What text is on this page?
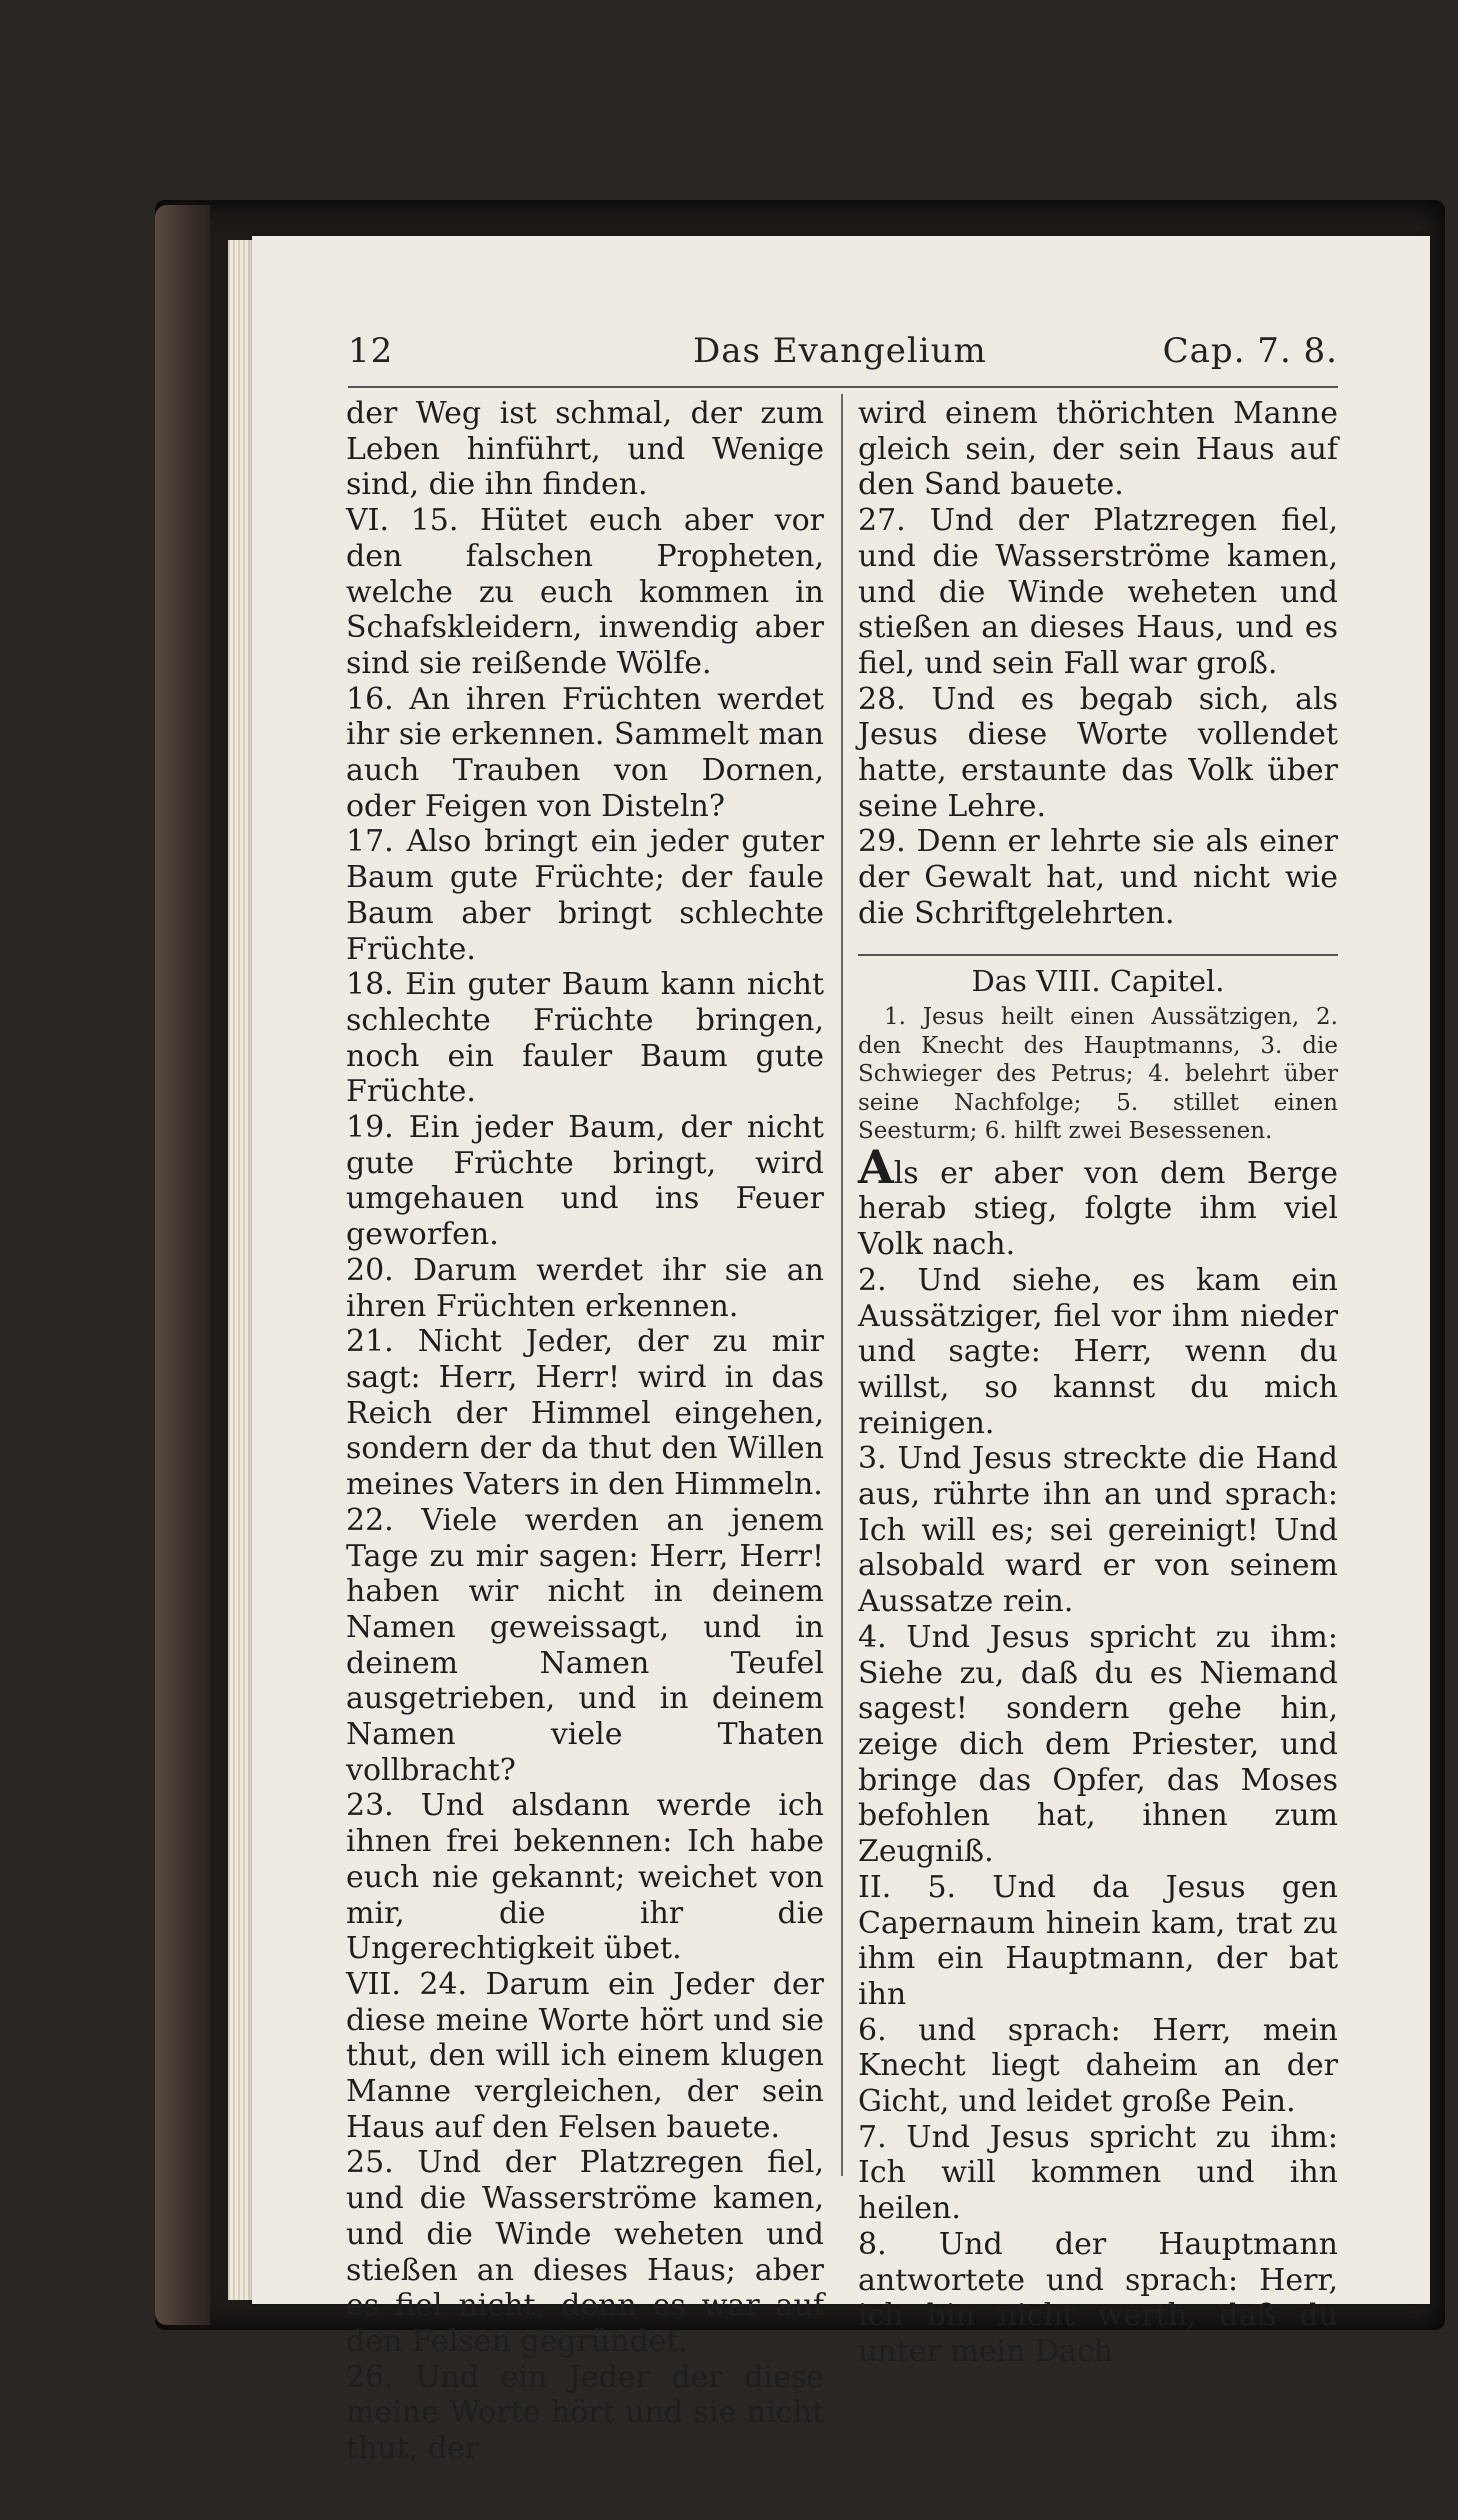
12	Das Evangelium	Cap. 7. 8.

der Weg ist schmal, der zum Leben hinführt, und Wenige sind, die ihn finden.

VI. 15. Hütet euch aber vor den falschen Propheten, welche zu euch kommen in Schafskleidern, inwendig aber sind sie reißende Wölfe.

16. An ihren Früchten werdet ihr sie erkennen. Sammelt man auch Trauben von Dornen, oder Feigen von Disteln?

17. Also bringt ein jeder guter Baum gute Früchte; der faule Baum aber bringt schlechte Früchte.

18. Ein guter Baum kann nicht schlechte Früchte bringen, noch ein fauler Baum gute Früchte.

19. Ein jeder Baum, der nicht gute Früchte bringt, wird umgehauen und ins Feuer geworfen.

20. Darum werdet ihr sie an ihren Früchten erkennen.

21. Nicht Jeder, der zu mir sagt: Herr, Herr! wird in das Reich der Himmel eingehen, sondern der da thut den Willen meines Vaters in den Himmeln.

22. Viele werden an jenem Tage zu mir sagen: Herr, Herr! haben wir nicht in deinem Namen geweissagt, und in deinem Namen Teufel ausgetrieben, und in deinem Namen viele Thaten vollbracht?

23. Und alsdann werde ich ihnen frei bekennen: Ich habe euch nie gekannt; weichet von mir, die ihr die Ungerechtigkeit übet.

VII. 24. Darum ein Jeder der diese meine Worte hört und sie thut, den will ich einem klugen Manne vergleichen, der sein Haus auf den Felsen bauete.

25. Und der Platzregen fiel, und die Wasserströme kamen, und die Winde weheten und stießen an dieses Haus; aber es fiel nicht, denn es war auf den Felsen gegründet.

26. Und ein Jeder der diese meine Worte hört und sie nicht thut, der

wird einem thörichten Manne gleich sein, der sein Haus auf den Sand bauete.

27. Und der Platzregen fiel, und die Wasserströme kamen, und die Winde weheten und stießen an dieses Haus, und es fiel, und sein Fall war groß.

28. Und es begab sich, als Jesus diese Worte vollendet hatte, erstaunte das Volk über seine Lehre.

29. Denn er lehrte sie als einer der Gewalt hat, und nicht wie die Schriftgelehrten.

Das VIII. Capitel.

1. Jesus heilt einen Aussätzigen, 2. den Knecht des Hauptmanns, 3. die Schwieger des Petrus; 4. belehrt über seine Nachfolge; 5. stillet einen Seesturm; 6. hilft zwei Besessenen.

Als er aber von dem Berge herab stieg, folgte ihm viel Volk nach.

2. Und siehe, es kam ein Aussätziger, fiel vor ihm nieder und sagte: Herr, wenn du willst, so kannst du mich reinigen.

3. Und Jesus streckte die Hand aus, rührte ihn an und sprach: Ich will es; sei gereinigt! Und alsobald ward er von seinem Aussatze rein.

4. Und Jesus spricht zu ihm: Siehe zu, daß du es Niemand sagest! sondern gehe hin, zeige dich dem Priester, und bringe das Opfer, das Moses befohlen hat, ihnen zum Zeugniß.

II. 5. Und da Jesus gen Capernaum hinein kam, trat zu ihm ein Hauptmann, der bat ihn

6. und sprach: Herr, mein Knecht liegt daheim an der Gicht, und leidet große Pein.

7. Und Jesus spricht zu ihm: Ich will kommen und ihn heilen.

8. Und der Hauptmann antwortete und sprach: Herr, ich bin nicht werth, daß du unter mein Dach
